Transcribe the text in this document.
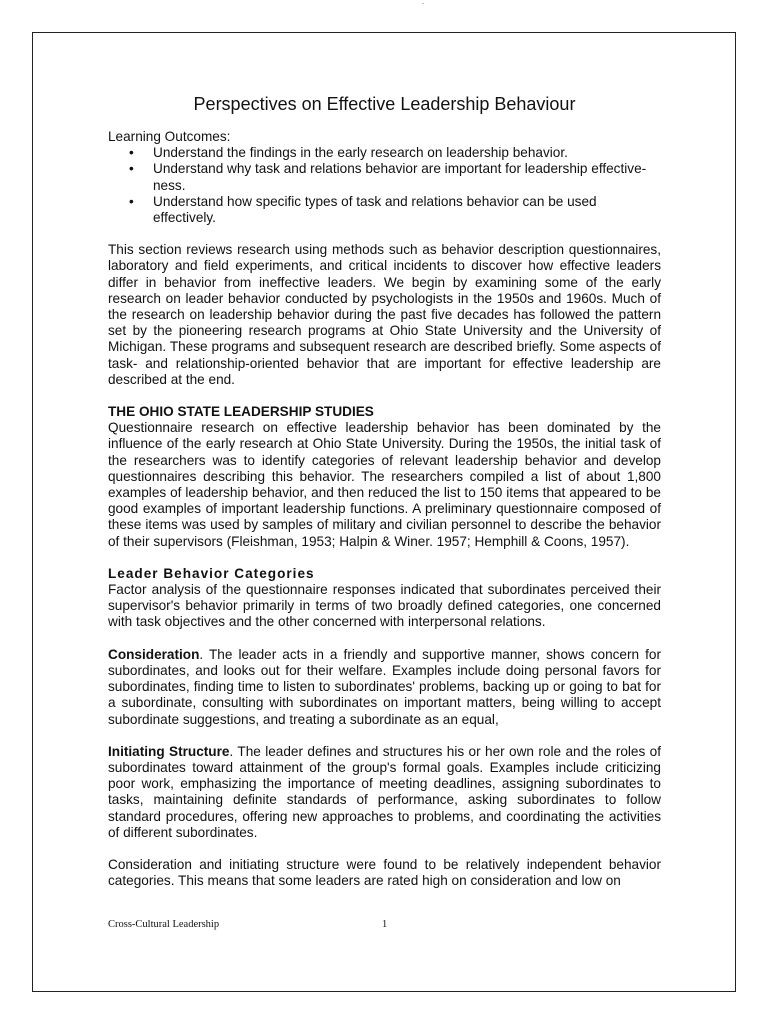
˙
Perspectives on Effective Leadership Behaviour

Learning Outcomes:

• Understand the findings in the early research on leadership behavior.
• Understand why task and relations behavior are important for leadership effective-ness.
• Understand how specific types of task and relations behavior can be used effectively.

This section reviews research using methods such as behavior description questionnaires, laboratory and field experiments, and critical incidents to discover how effective leaders differ in behavior from ineffective leaders. We begin by examining some of the early research on leader behavior conducted by psychologists in the 1950s and 1960s. Much of the research on leadership behavior during the past five decades has followed the pattern set by the pioneering research programs at Ohio State University and the University of Michigan. These programs and subsequent research are described briefly. Some aspects of task- and relationship-oriented behavior that are important for effective leadership are described at the end.

THE OHIO STATE LEADERSHIP STUDIES

Questionnaire research on effective leadership behavior has been dominated by the influence of the early research at Ohio State University. During the 1950s, the initial task of the researchers was to identify categories of relevant leadership behavior and develop questionnaires describing this behavior. The researchers compiled a list of about 1,800 examples of leadership behavior, and then reduced the list to 150 items that appeared to be good examples of important leadership functions. A preliminary questionnaire composed of these items was used by samples of military and civilian personnel to describe the behavior of their supervisors (Fleishman, 1953; Halpin & Winer. 1957; Hemphill & Coons, 1957).

Leader Behavior Categories

Factor analysis of the questionnaire responses indicated that subordinates perceived their supervisor's behavior primarily in terms of two broadly defined categories, one concerned with task objectives and the other concerned with interpersonal relations.

Consideration. The leader acts in a friendly and supportive manner, shows concern for subordinates, and looks out for their welfare. Examples include doing personal favors for subordinates, finding time to listen to subordinates' problems, backing up or going to bat for a subordinate, consulting with subordinates on important matters, being willing to accept subordinate suggestions, and treating a subordinate as an equal,

Initiating Structure. The leader defines and structures his or her own role and the roles of subordinates toward attainment of the group's formal goals. Examples include criticizing poor work, emphasizing the importance of meeting deadlines, assigning subordinates to tasks, maintaining definite standards of performance, asking subordinates to follow standard procedures, offering new approaches to problems, and coordinating the activities of different subordinates.

Consideration and initiating structure were found to be relatively independent behavior categories. This means that some leaders are rated high on consideration and low on

Cross-Cultural Leadership	1
